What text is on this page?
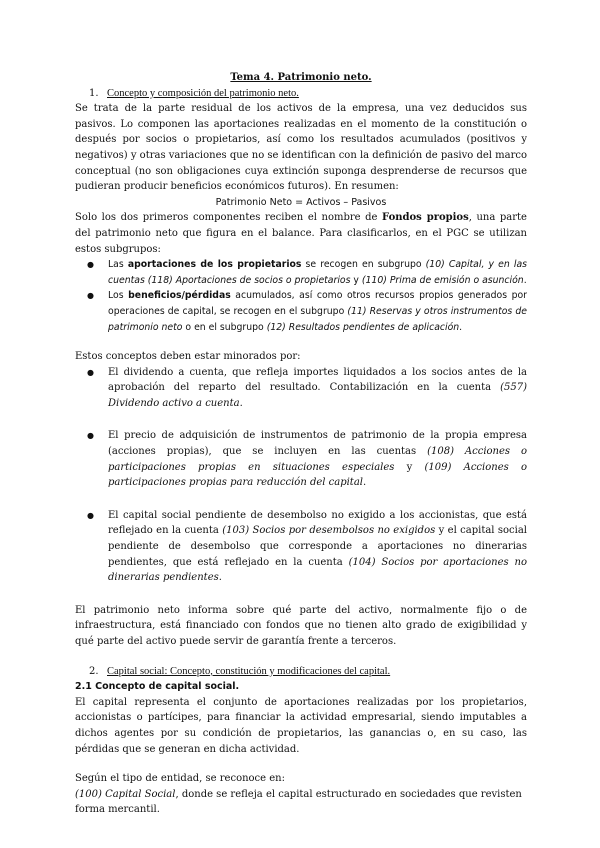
Tema 4. Patrimonio neto.

1. Concepto y composición del patrimonio neto.

Se trata de la parte residual de los activos de la empresa, una vez deducidos sus pasivos. Lo componen las aportaciones realizadas en el momento de la constitución o después por socios o propietarios, así como los resultados acumulados (positivos y negativos) y otras variaciones que no se identifican con la definición de pasivo del marco conceptual (no son obligaciones cuya extinción suponga desprenderse de recursos que pudieran producir beneficios económicos futuros). En resumen:

Patrimonio Neto = Activos – Pasivos

Solo los dos primeros componentes reciben el nombre de Fondos propios, una parte del patrimonio neto que figura en el balance. Para clasificarlos, en el PGC se utilizan estos subgrupos:

● Las aportaciones de los propietarios se recogen en subgrupo (10) Capital, y en las cuentas (118) Aportaciones de socios o propietarios y (110) Prima de emisión o asunción.
● Los beneficios/pérdidas acumulados, así como otros recursos propios generados por operaciones de capital, se recogen en el subgrupo (11) Reservas y otros instrumentos de patrimonio neto o en el subgrupo (12) Resultados pendientes de aplicación.

Estos conceptos deben estar minorados por:

● El dividendo a cuenta, que refleja importes liquidados a los socios antes de la aprobación del reparto del resultado. Contabilización en la cuenta (557) Dividendo activo a cuenta.
● El precio de adquisición de instrumentos de patrimonio de la propia empresa (acciones propias), que se incluyen en las cuentas (108) Acciones o participaciones propias en situaciones especiales y (109) Acciones o participaciones propias para reducción del capital.
● El capital social pendiente de desembolso no exigido a los accionistas, que está reflejado en la cuenta (103) Socios por desembolsos no exigidos y el capital social pendiente de desembolso que corresponde a aportaciones no dinerarias pendientes, que está reflejado en la cuenta (104) Socios por aportaciones no dinerarias pendientes.

El patrimonio neto informa sobre qué parte del activo, normalmente fijo o de infraestructura, está financiado con fondos que no tienen alto grado de exigibilidad y qué parte del activo puede servir de garantía frente a terceros.

2. Capital social: Concepto, constitución y modificaciones del capital.

2.1 Concepto de capital social.

El capital representa el conjunto de aportaciones realizadas por los propietarios, accionistas o partícipes, para financiar la actividad empresarial, siendo imputables a dichos agentes por su condición de propietarios, las ganancias o, en su caso, las pérdidas que se generan en dicha actividad.

Según el tipo de entidad, se reconoce en:

(100) Capital Social, donde se refleja el capital estructurado en sociedades que revisten forma mercantil.
